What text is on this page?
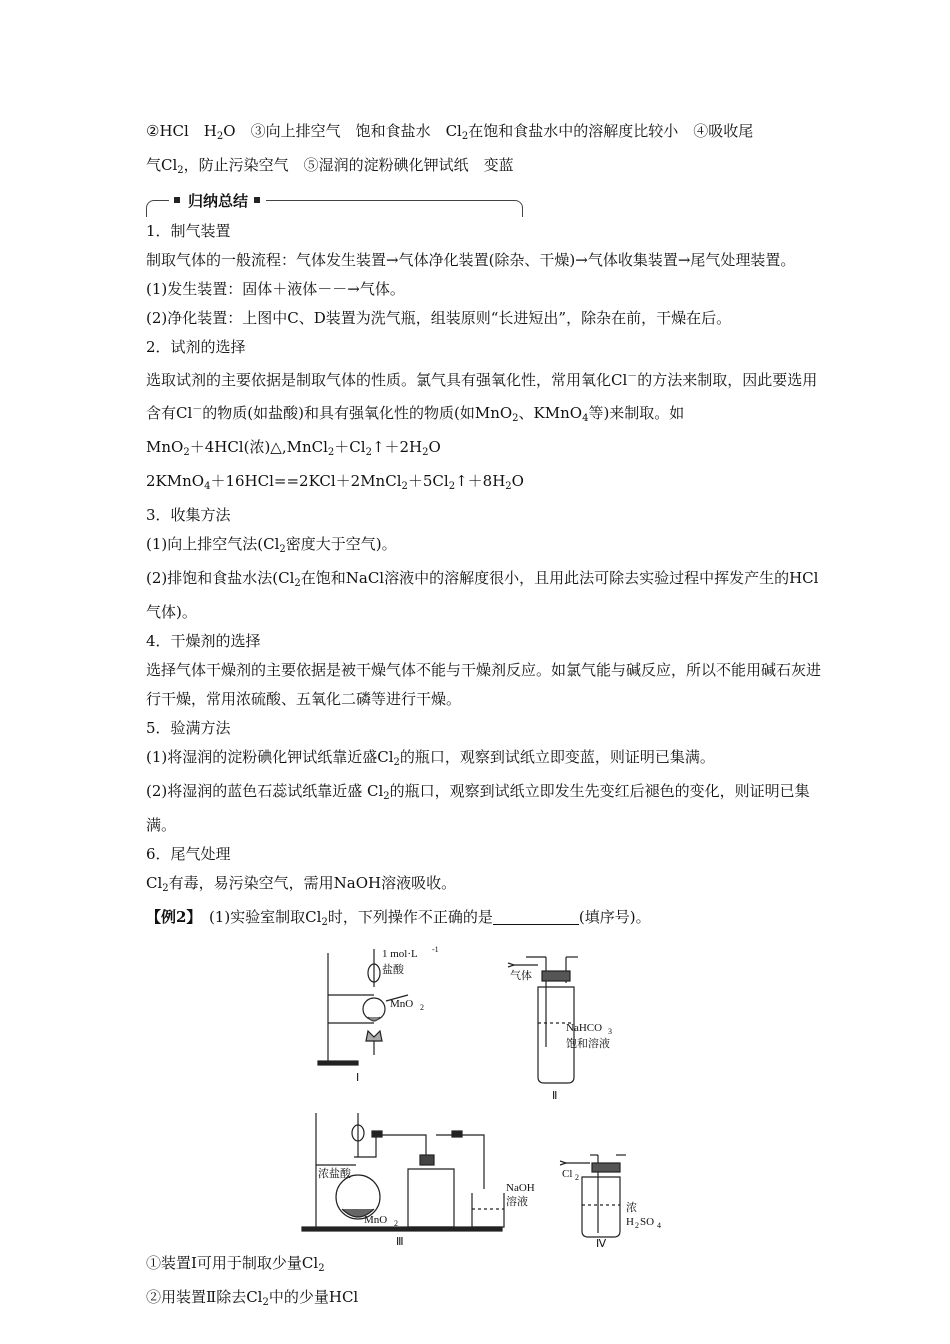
②HCl　$H_2O$　③向上排空气　饱和食盐水　$Cl_2$在饱和食盐水中的溶解度比较小　④吸收尾
气$Cl_2$，防止污染空气　⑤湿润的淀粉碘化钾试纸　变蓝
归纳总结
1．制气装置
制取气体的一般流程：气体发生装置→气体净化装置(除杂、干燥)→气体收集装置→尾气处理装置。
(1)发生装置：固体＋液体－－→气体。
(2)净化装置：上图中C、D装置为洗气瓶，组装原则“长进短出”，除杂在前，干燥在后。
2．试剂的选择
选取试剂的主要依据是制取气体的性质。氯气具有强氧化性，常用氧化Cl－的方法来制取，因此要选用含有Cl－的物质(如盐酸)和具有强氧化性的物质(如MnO$_2$、KMnO$_4$等)来制取。如
MnO$_2$＋4HCl(浓)$\triangle,MnCl_2+Cl_2↑+2H_2O$
$2KMnO_4+16HCl==2KCl+2MnCl_2+5Cl_2↑+8H_2O$
3．收集方法
(1)向上排空气法($Cl_2$密度大于空气)。
(2)排饱和食盐水法($Cl_2$在饱和NaCl溶液中的溶解度很小，且用此法可除去实验过程中挥发产生的HCl气体)。
4．干燥剂的选择
选择气体干燥剂的主要依据是被干燥气体不能与干燥剂反应。如氯气能与碱反应，所以不能用碱石灰进行干燥，常用浓硫酸、五氧化二磷等进行干燥。
5．验满方法
(1)将湿润的淀粉碘化钾试纸靠近盛$Cl_2$的瓶口，观察到试纸立即变蓝，则证明已集满。
(2)将湿润的蓝色石蕊试纸靠近盛 $Cl_2$的瓶口，观察到试纸立即发生先变红后褪色的变化，则证明已集满。
6．尾气处理
$Cl_2$有毒，易污染空气，需用NaOH溶液吸收。
【例2】　(1)实验室制取$Cl_2$时，下列操作不正确的是	(填序号)。
1 mol·L -1
盐酸
MnO 2
Ⅰ
气体
NaHCO 3
饱和溶液
Ⅱ
浓盐酸
MnO 2
NaOH
溶液
Ⅲ
Cl 2
浓
H 2 SO 4
Ⅳ
①装置Ⅰ可用于制取少量$Cl_2$
②用装置Ⅱ除去$Cl_2$中的少量HCl
